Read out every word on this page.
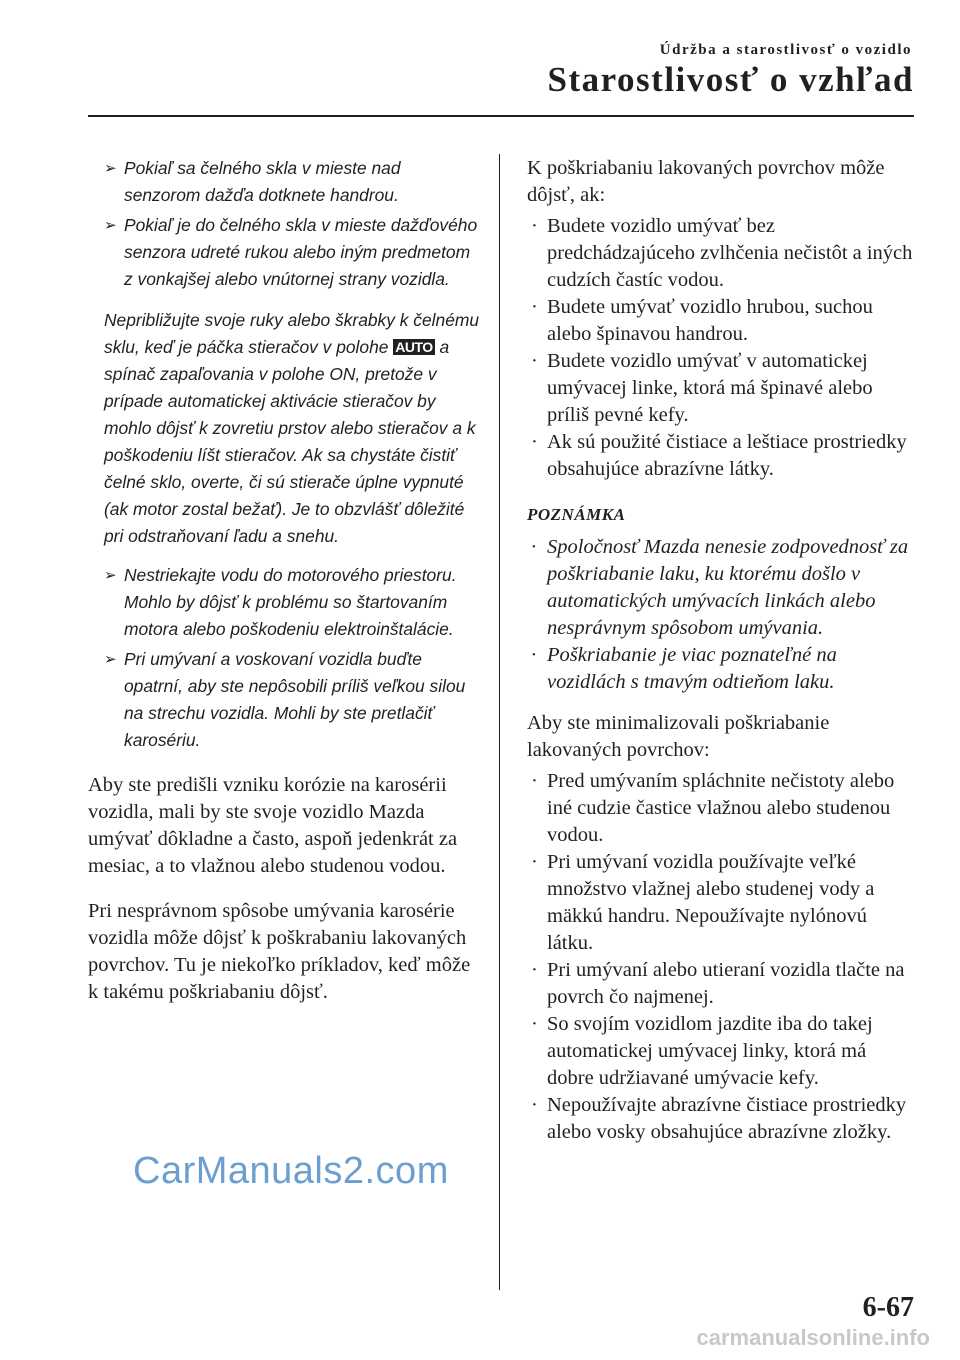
Údržba a starostlivosť o vozidlo
Starostlivosť o vzhľad
➢ Pokiaľ sa čelného skla v mieste nad senzorom dažďa dotknete handrou.
➢ Pokiaľ je do čelného skla v mieste dažďového senzora udreté rukou alebo iným predmetom z vonkajšej alebo vnútornej strany vozidla.
Nepribližujte svoje ruky alebo škrabky k čelnému sklu, keď je páčka stieračov v polohe AUTO a spínač zapaľovania v polohe ON, pretože v prípade automatickej aktivácie stieračov by mohlo dôjsť k zovretiu prstov alebo stieračov a k poškodeniu líšt stieračov. Ak sa chystáte čistiť čelné sklo, overte, či sú stierače úplne vypnuté (ak motor zostal bežať). Je to obzvlášť dôležité pri odstraňovaní ľadu a snehu.
➢ Nestriekajte vodu do motorového priestoru. Mohlo by dôjsť k problému so štartovaním motora alebo poškodeniu elektroinštalácie.
➢ Pri umývaní a voskovaní vozidla buďte opatrní, aby ste nepôsobili príliš veľkou silou na strechu vozidla. Mohli by ste pretlačiť karosériu.

Aby ste predišli vzniku korózie na karosérii vozidla, mali by ste svoje vozidlo Mazda umývať dôkladne a často, aspoň jedenkrát za mesiac, a to vlažnou alebo studenou vodou.

Pri nesprávnom spôsobe umývania karosérie vozidla môže dôjsť k poškrabaniu lakovaných povrchov. Tu je niekoľko príkladov, keď môže k takému poškriabaniu dôjsť.

K poškriabaniu lakovaných povrchov môže dôjsť, ak:

· Budete vozidlo umývať bez predchádzajúceho zvlhčenia nečistôt a iných cudzích častíc vodou.
· Budete umývať vozidlo hrubou, suchou alebo špinavou handrou.
· Budete vozidlo umývať v automatickej umývacej linke, ktorá má špinavé alebo príliš pevné kefy.
· Ak sú použité čistiace a leštiace prostriedky obsahujúce abrazívne látky.
POZNÁMKA
· Spoločnosť Mazda nenesie zodpovednosť za poškriabanie laku, ku ktorému došlo v automatických umývacích linkách alebo nesprávnym spôsobom umývania.
· Poškriabanie je viac poznateľné na vozidlách s tmavým odtieňom laku.

Aby ste minimalizovali poškriabanie lakovaných povrchov:

· Pred umývaním spláchnite nečistoty alebo iné cudzie častice vlažnou alebo studenou vodou.
· Pri umývaní vozidla používajte veľké množstvo vlažnej alebo studenej vody a mäkkú handru. Nepoužívajte nylónovú látku.
· Pri umývaní alebo utieraní vozidla tlačte na povrch čo najmenej.
· So svojím vozidlom jazdite iba do takej automatickej umývacej linky, ktorá má dobre udržiavané umývacie kefy.
· Nepoužívajte abrazívne čistiace prostriedky alebo vosky obsahujúce abrazívne zložky.
CarManuals2.com
6-67
carmanualsonline.info
